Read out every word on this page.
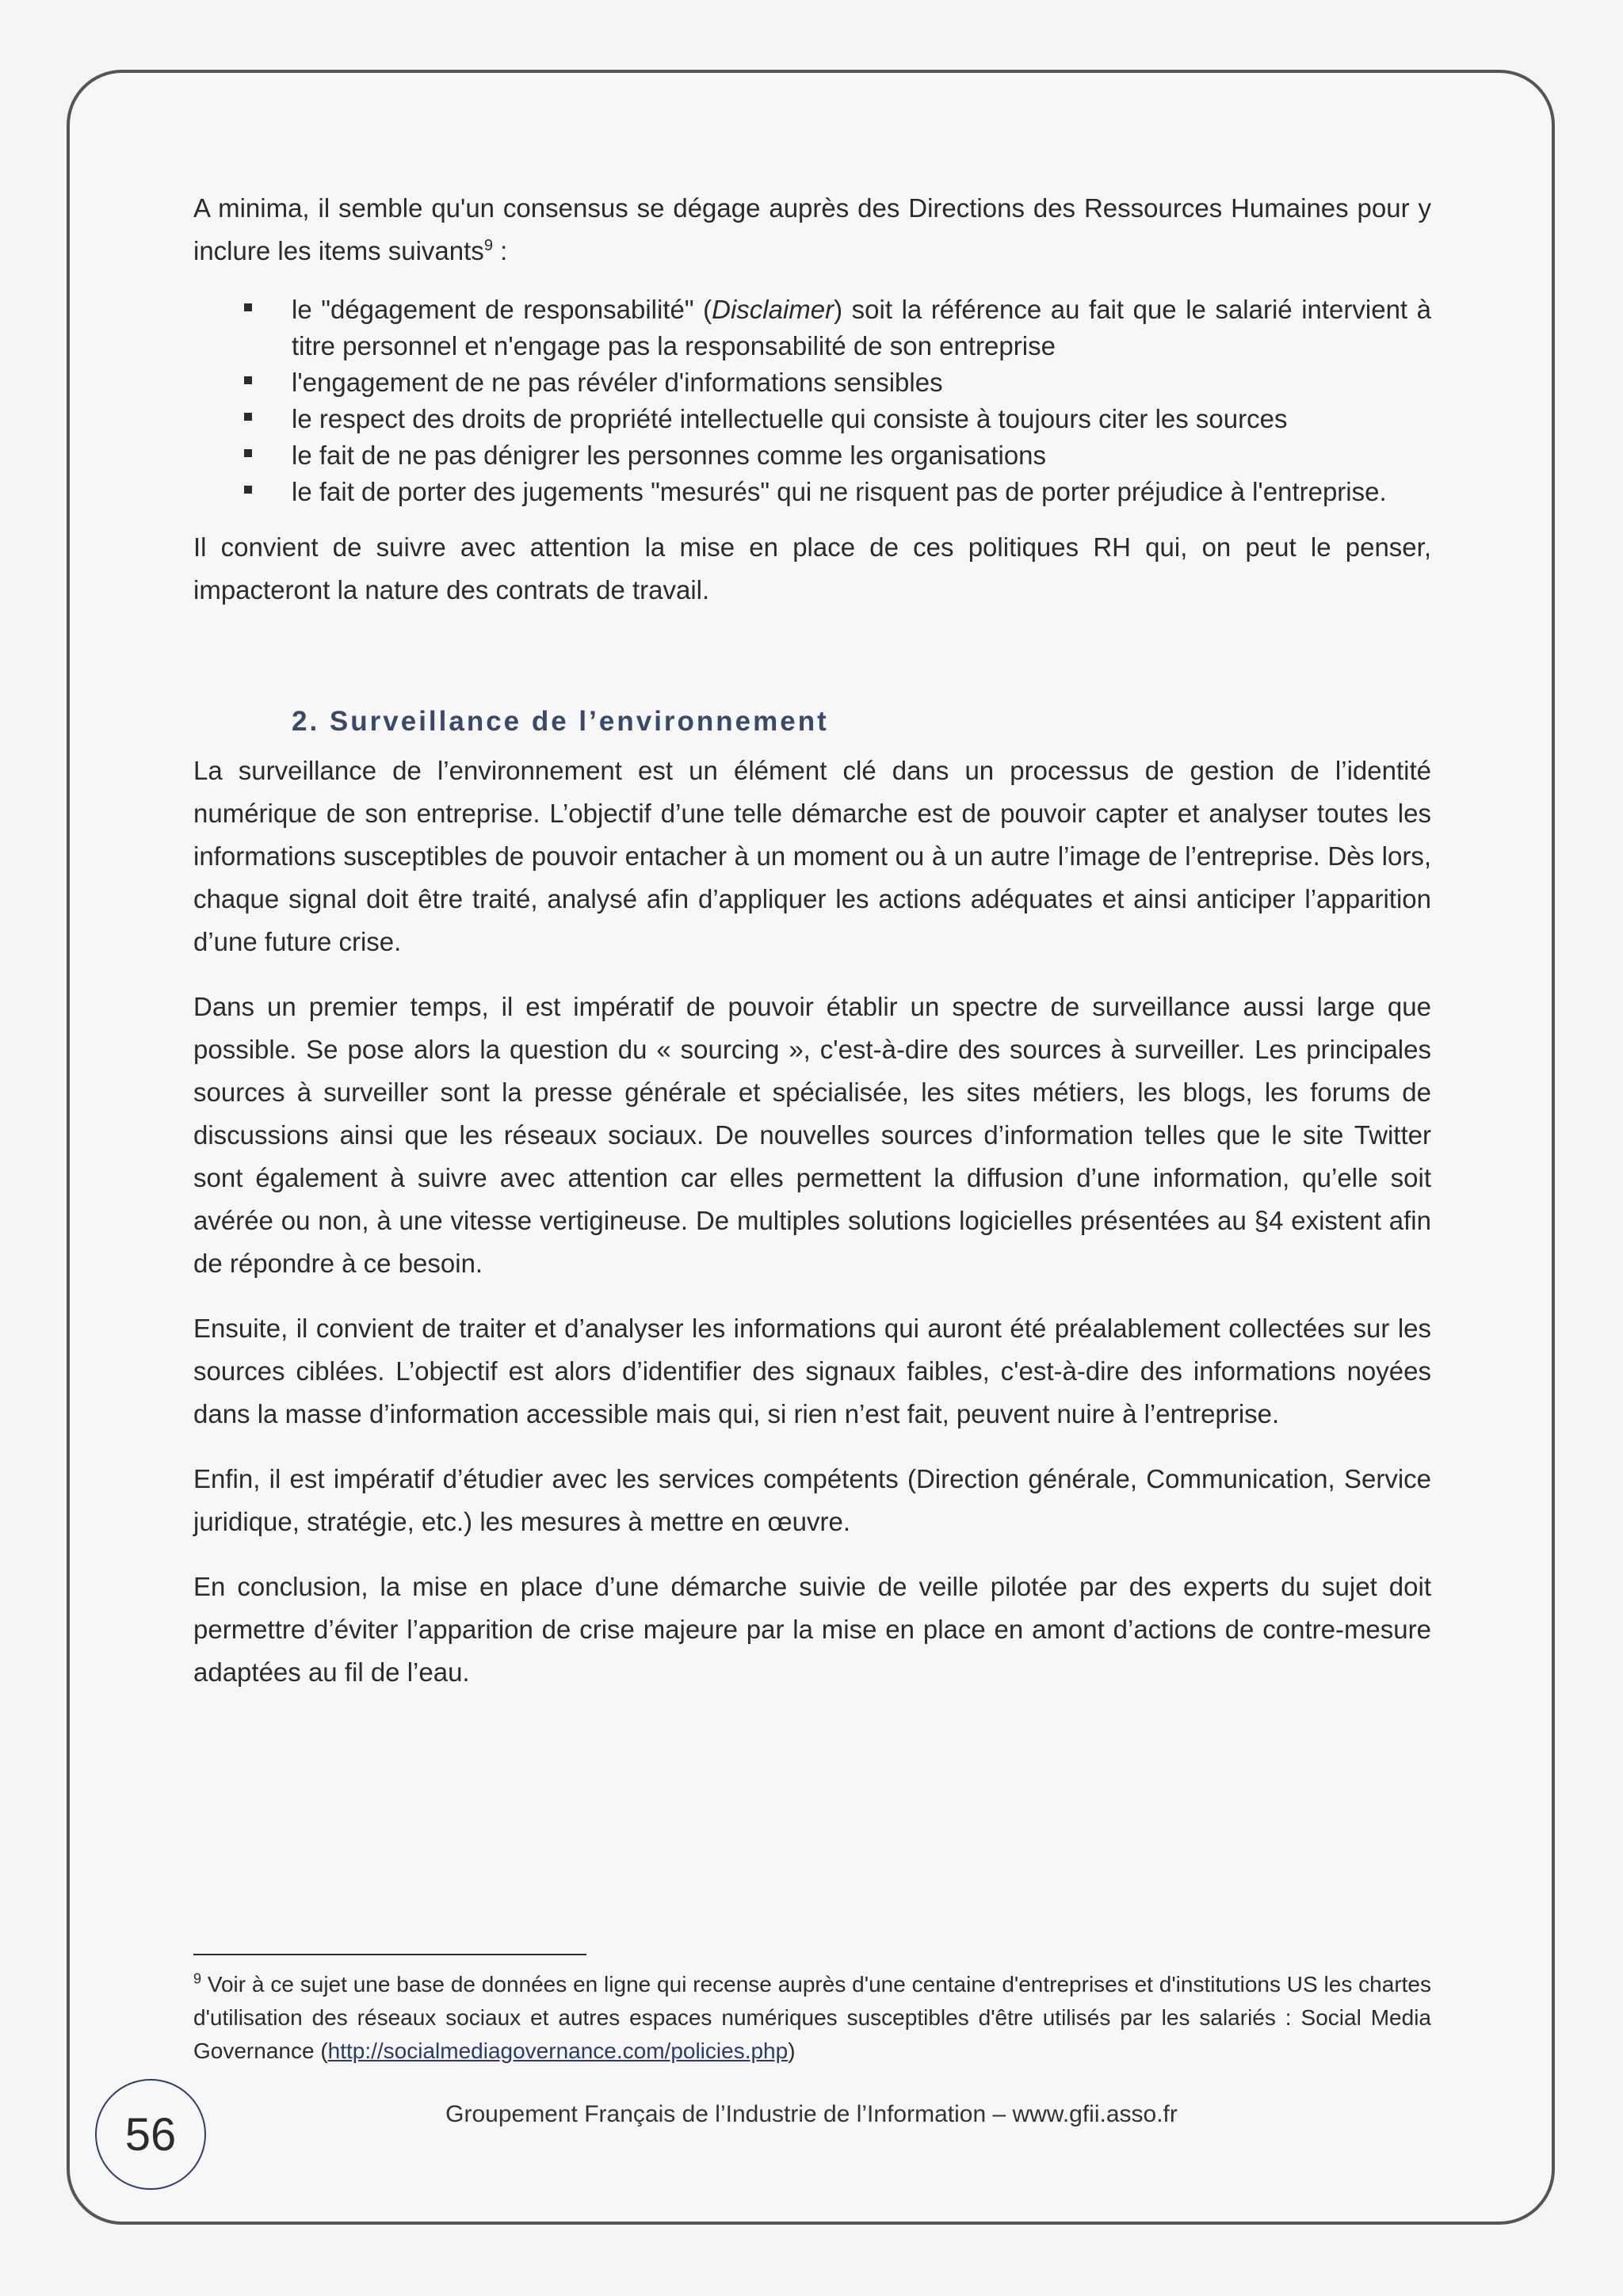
A minima, il semble qu'un consensus se dégage auprès des Directions des Ressources Humaines pour y inclure les items suivants$^9$ :

le "dégagement de responsabilité" (Disclaimer) soit la référence au fait que le salarié intervient à titre personnel et n'engage pas la responsabilité de son entreprise
l'engagement de ne pas révéler d'informations sensibles
le respect des droits de propriété intellectuelle qui consiste à toujours citer les sources
le fait de ne pas dénigrer les personnes comme les organisations
le fait de porter des jugements "mesurés" qui ne risquent pas de porter préjudice à l'entreprise.

Il convient de suivre avec attention la mise en place de ces politiques RH qui, on peut le penser, impacteront la nature des contrats de travail.

2. Surveillance de l’environnement

La surveillance de l’environnement est un élément clé dans un processus de gestion de l’identité numérique de son entreprise. L’objectif d’une telle démarche est de pouvoir capter et analyser toutes les informations susceptibles de pouvoir entacher à un moment ou à un autre l’image de l’entreprise. Dès lors, chaque signal doit être traité, analysé afin d’appliquer les actions adéquates et ainsi anticiper l’apparition d’une future crise.

Dans un premier temps, il est impératif de pouvoir établir un spectre de surveillance aussi large que possible. Se pose alors la question du « sourcing », c'est-à-dire des sources à surveiller. Les principales sources à surveiller sont la presse générale et spécialisée, les sites métiers, les blogs, les forums de discussions ainsi que les réseaux sociaux. De nouvelles sources d’information telles que le site Twitter sont également à suivre avec attention car elles permettent la diffusion d’une information, qu’elle soit avérée ou non, à une vitesse vertigineuse. De multiples solutions logicielles présentées au §4 existent afin de répondre à ce besoin.

Ensuite, il convient de traiter et d’analyser les informations qui auront été préalablement collectées sur les sources ciblées. L’objectif est alors d’identifier des signaux faibles, c'est-à-dire des informations noyées dans la masse d’information accessible mais qui, si rien n’est fait, peuvent nuire à l’entreprise.

Enfin, il est impératif d’étudier avec les services compétents (Direction générale, Communication, Service juridique, stratégie, etc.) les mesures à mettre en œuvre.

En conclusion, la mise en place d’une démarche suivie de veille pilotée par des experts du sujet doit permettre d’éviter l’apparition de crise majeure par la mise en place en amont d’actions de contre-mesure adaptées au fil de l’eau.

$^9$ Voir à ce sujet une base de données en ligne qui recense auprès d'une centaine d'entreprises et d'institutions US les chartes d'utilisation des réseaux sociaux et autres espaces numériques susceptibles d'être utilisés par les salariés : Social Media Governance (http://socialmediagovernance.com/policies.php)
56	Groupement Français de l’Industrie de l’Information – www.gfii.asso.fr
